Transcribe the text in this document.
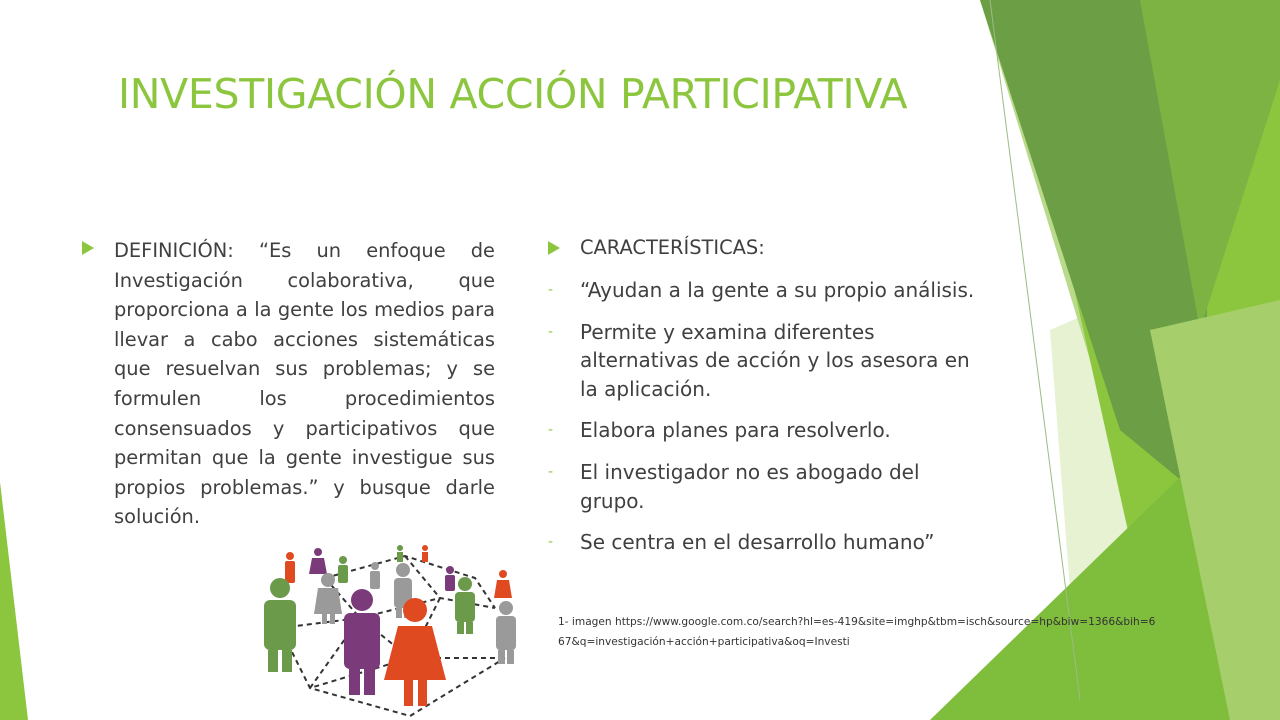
INVESTIGACIÓN ACCIÓN PARTICIPATIVA
DEFINICIÓN: “Es un enfoque de Investigación colaborativa, que proporciona a la gente los medios para llevar a cabo acciones sistemáticas que resuelvan sus problemas; y se formulen los procedimientos consensuados y participativos que permitan que la gente investigue sus propios problemas.” y busque darle solución.
CARACTERÍSTICAS:
-	“Ayudan a la gente a su propio análisis.
-	Permite y examina diferentes alternativas de acción y los asesora en la aplicación.
-	Elabora planes para resolverlo.
-	El investigador no es abogado del grupo.
-	Se centra en el desarrollo humano”
1- imagen https://www.google.com.co/search?hl=es-419&site=imghp&tbm=isch&source=hp&biw=1366&bih=667&q=investigación+acción+participativa&oq=Investi
